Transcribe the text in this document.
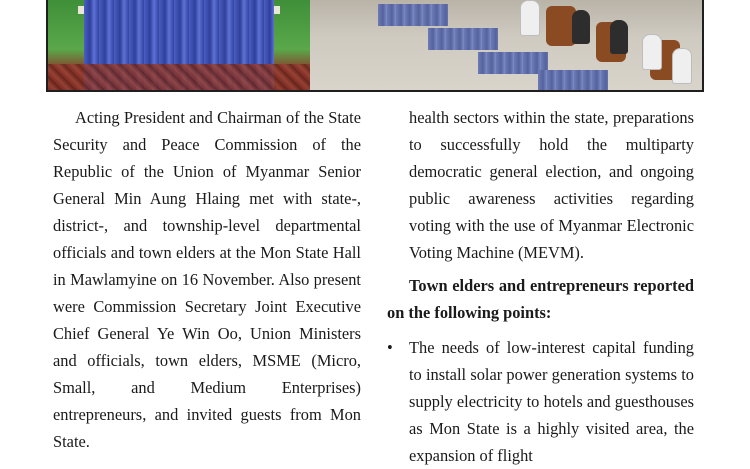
Acting President and Chairman of the State Security and Peace Commission of the Republic of the Union of Myanmar Senior General Min Aung Hlaing met with state-, district-, and township-level departmental officials and town elders at the Mon State Hall in Mawlamyine on 16 November. Also present were Commission Secretary Joint Executive Chief General Ye Win Oo, Union Ministers and officials, town elders, MSME (Micro, Small, and Medium Enterprises) entrepreneurs, and invited guests from Mon State.

health sectors within the state, preparations to successfully hold the multiparty democratic general election, and ongoing public awareness activities regarding voting with the use of Myanmar Electronic Voting Machine (MEVM).

Town elders and entrepreneurs reported on the following points:

• The needs of low-interest capital funding to install solar power generation systems to supply electricity to hotels and guesthouses as Mon State is a highly visited area, the expansion of flight
